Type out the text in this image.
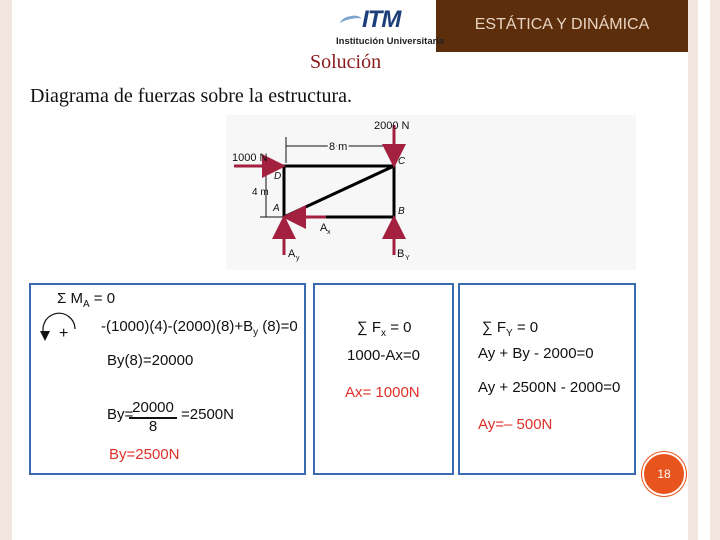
ESTÁTICA Y DINÁMICA
ITM
Institución Universitaria
Solución
Diagrama de fuerzas sobre la estructura.
2000 N
1000 N
8 m
4 m
C
D
A	B
A x
A y	B Y
Σ $M_A = 0$
+ $-(1000)(4)-(2000)(8)+B_y$ (8)=0
By(8)=20000
By=
$\frac{20000}{8} =2500N$
By=2500N
∑ $F_x = 0$
1000-Ax=0
Ax= 1000N
∑ $F_Y = 0$
Ay + By - 2000=0
Ay + 2500N - 2000=0
Ay=– 500N
18
